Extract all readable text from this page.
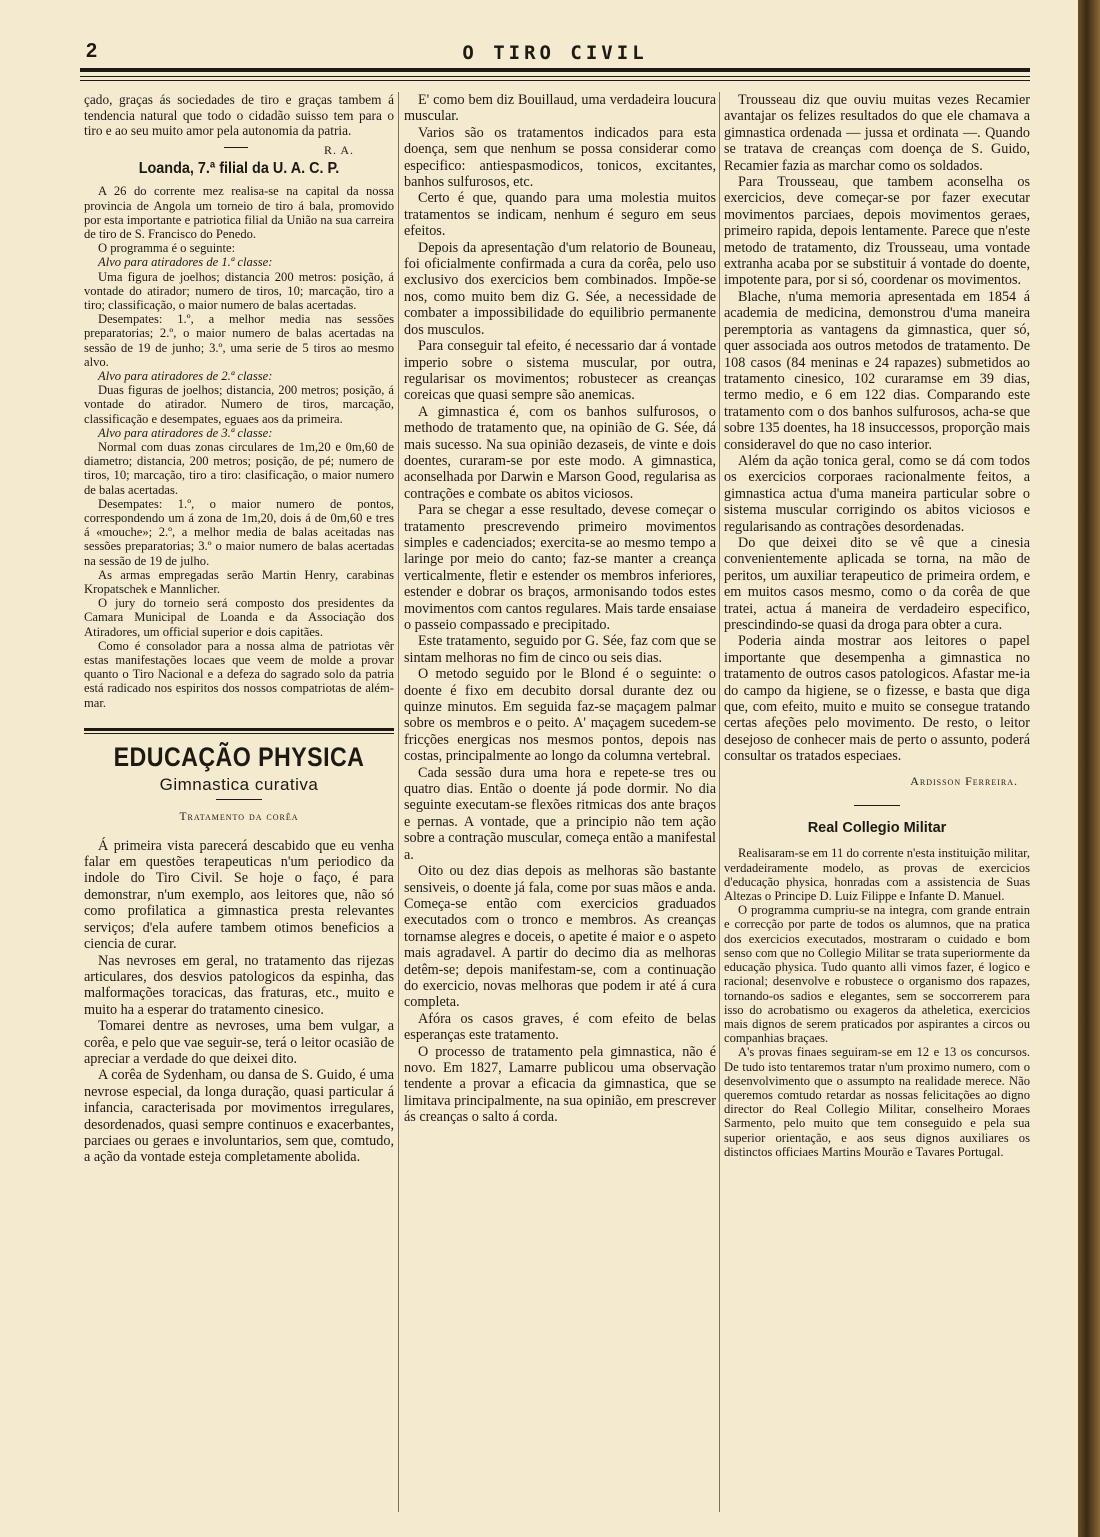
2	O TIRO CIVIL

çado, graças ás sociedades de tiro e graças tambem á tendencia natural que todo o cidadão suisso tem para o tiro e ao seu muito amor pela autonomia da patria.

R. A.
Loanda, 7.ª filial da U. A. C. P.

A 26 do corrente mez realisa-se na capital da nossa provincia de Angola um torneio de tiro á bala, promovido por esta importante e patriotica filial da União na sua carreira de tiro de S. Francisco do Penedo.

O programma é o seguinte:

Alvo para atiradores de 1.ª classe:

Uma figura de joelhos; distancia 200 metros: posição, á vontade do atirador; numero de tiros, 10; marcação, tiro a tiro; classificação, o maior numero de balas acertadas.

Desempates: 1.º, a melhor media nas sessões preparatorias; 2.º, o maior numero de balas acertadas na sessão de 19 de junho; 3.º, uma serie de 5 tiros ao mesmo alvo.

Alvo para atiradores de 2.ª classe:

Duas figuras de joelhos; distancia, 200 metros; posição, á vontade do atirador. Numero de tiros, marcação, classificação e desempates, eguaes aos da primeira.

Alvo para atiradores de 3.ª classe:

Normal com duas zonas circulares de 1m,20 e 0m,60 de diametro; distancia, 200 metros; posição, de pé; numero de tiros, 10; marcação, tiro a tiro: clasificação, o maior numero de balas acertadas.

Desempates: 1.º, o maior numero de pontos, correspondendo um á zona de 1m,20, dois á de 0m,60 e tres á «mouche»; 2.º, a melhor media de balas aceitadas nas sessões preparatorias; 3.º o maior numero de balas acertadas na sessão de 19 de julho.

As armas empregadas serão Martin Henry, carabinas Kropatschek e Mannlicher.

O jury do torneio será composto dos presidentes da Camara Municipal de Loanda e da Associação dos Atiradores, um official superior e dois capitães.

Como é consolador para a nossa alma de patriotas vêr estas manifestações locaes que veem de molde a provar quanto o Tiro Nacional e a defeza do sagrado solo da patria está radicado nos espiritos dos nossos compatriotas de além-mar.

EDUCAÇÃO PHYSICA
Gimnastica curativa
Tratamento da corêa

Á primeira vista parecerá descabido que eu venha falar em questões terapeuticas n'um periodico da indole do Tiro Civil. Se hoje o faço, é para demonstrar, n'um exemplo, aos leitores que, não só como profilatica a gimnastica presta relevantes serviços; d'ela aufere tambem otimos beneficios a ciencia de curar.

Nas nevroses em geral, no tratamento das rijezas articulares, dos desvios patologicos da espinha, das malformações toracicas, das fraturas, etc., muito e muito ha a esperar do tratamento cinesico.

Tomarei dentre as nevroses, uma bem vulgar, a corêa, e pelo que vae seguir-se, terá o leitor ocasião de apreciar a verdade do que deixei dito.

A corêa de Sydenham, ou dansa de S. Guido, é uma nevrose especial, da longa duração, quasi particular á infancia, caracterisada por movimentos irregulares, desordenados, quasi sempre continuos e exacerbantes, parciaes ou geraes e involuntarios, sem que, comtudo, a ação da vontade esteja completamente abolida.

E' como bem diz Bouillaud, uma verdadeira loucura muscular.

Varios são os tratamentos indicados para esta doença, sem que nenhum se possa considerar como especifico: antiespasmodicos, tonicos, excitantes, banhos sulfurosos, etc.

Certo é que, quando para uma molestia muitos tratamentos se indicam, nenhum é seguro em seus efeitos.

Depois da apresentação d'um relatorio de Bouneau, foi oficialmente confirmada a cura da corêa, pelo uso exclusivo dos exercicios bem combinados. Impõe-se nos, como muito bem diz G. Sée, a necessidade de combater a impossibilidade do equilibrio permanente dos musculos.

Para conseguir tal efeito, é necessario dar á vontade imperio sobre o sistema muscular, por outra, regularisar os movimentos; robustecer as creanças coreicas que quasi sempre são anemicas.

A gimnastica é, com os banhos sulfurosos, o methodo de tratamento que, na opinião de G. Sée, dá mais sucesso. Na sua opinião dezaseis, de vinte e dois doentes, curaram-se por este modo. A gimnastica, aconselhada por Darwin e Marson Good, regularisa as contrações e combate os abitos viciosos.

Para se chegar a esse resultado, devese começar o tratamento prescrevendo primeiro movimentos simples e cadenciados; exercita-se ao mesmo tempo a laringe por meio do canto; faz-se manter a creança verticalmente, fletir e estender os membros inferiores, estender e dobrar os braços, armonisando todos estes movimentos com cantos regulares. Mais tarde ensaiase o passeio compassado e precipitado.

Este tratamento, seguido por G. Sée, faz com que se sintam melhoras no fim de cinco ou seis dias.

O metodo seguido por le Blond é o seguinte: o doente é fixo em decubito dorsal durante dez ou quinze minutos. Em seguida faz-se maçagem palmar sobre os membros e o peito. A' maçagem sucedem-se fricções energicas nos mesmos pontos, depois nas costas, principalmente ao longo da columna vertebral.

Cada sessão dura uma hora e repete-se tres ou quatro dias. Então o doente já pode dormir. No dia seguinte executam-se flexões ritmicas dos ante braços e pernas. A vontade, que a principio não tem ação sobre a contração muscular, começa então a manifestal a.

Oito ou dez dias depois as melhoras são bastante sensiveis, o doente já fala, come por suas mãos e anda. Começa-se então com exercicios graduados executados com o tronco e membros. As creanças tornamse alegres e doceis, o apetite é maior e o aspeto mais agradavel. A partir do decimo dia as melhoras detêm-se; depois manifestam-se, com a continuação do exercicio, novas melhoras que podem ir até á cura completa.

Afóra os casos graves, é com efeito de belas esperanças este tratamento.

O processo de tratamento pela gimnastica, não é novo. Em 1827, Lamarre publicou uma observação tendente a provar a eficacia da gimnastica, que se limitava principalmente, na sua opinião, em prescrever ás creanças o salto á corda.

Trousseau diz que ouviu muitas vezes Recamier avantajar os felizes resultados do que ele chamava a gimnastica ordenada — jussa et ordinata —. Quando se tratava de creanças com doença de S. Guido, Recamier fazia as marchar como os soldados.

Para Trousseau, que tambem aconselha os exercicios, deve começar-se por fazer executar movimentos parciaes, depois movimentos geraes, primeiro rapida, depois lentamente. Parece que n'este metodo de tratamento, diz Trousseau, uma vontade extranha acaba por se substituir á vontade do doente, impotente para, por si só, coordenar os movimentos.

Blache, n'uma memoria apresentada em 1854 á academia de medicina, demonstrou d'uma maneira peremptoria as vantagens da gimnastica, quer só, quer associada aos outros metodos de tratamento. De 108 casos (84 meninas e 24 rapazes) submetidos ao tratamento cinesico, 102 curaramse em 39 dias, termo medio, e 6 em 122 dias. Comparando este tratamento com o dos banhos sulfurosos, acha-se que sobre 135 doentes, ha 18 insuccessos, proporção mais consideravel do que no caso interior.

Além da ação tonica geral, como se dá com todos os exercicios corporaes racionalmente feitos, a gimnastica actua d'uma maneira particular sobre o sistema muscular corrigindo os abitos viciosos e regularisando as contrações desordenadas.

Do que deixei dito se vê que a cinesia convenientemente aplicada se torna, na mão de peritos, um auxiliar terapeutico de primeira ordem, e em muitos casos mesmo, como o da corêa de que tratei, actua á maneira de verdadeiro especifico, prescindindo-se quasi da droga para obter a cura.

Poderia ainda mostrar aos leitores o papel importante que desempenha a gimnastica no tratamento de outros casos patologicos. Afastar me-ia do campo da higiene, se o fizesse, e basta que diga que, com efeito, muito e muito se consegue tratando certas afeções pelo movimento. De resto, o leitor desejoso de conhecer mais de perto o assunto, poderá consultar os tratados especiaes.

Ardisson Ferreira.
Real Collegio Militar

Realisaram-se em 11 do corrente n'esta instituição militar, verdadeiramente modelo, as provas de exercicios d'educação physica, honradas com a assistencia de Suas Altezas o Principe D. Luiz Filippe e Infante D. Manuel.

O programma cumpriu-se na integra, com grande entrain e correcção por parte de todos os alumnos, que na pratica dos exercicios executados, mostraram o cuidado e bom senso com que no Collegio Militar se trata superiormente da educação physica. Tudo quanto alli vimos fazer, é logico e racional; desenvolve e robustece o organismo dos rapazes, tornando-os sadios e elegantes, sem se soccorrerem para isso do acrobatismo ou exageros da atheletica, exercicios mais dignos de serem praticados por aspirantes a circos ou companhias braçaes.

A's provas finaes seguiram-se em 12 e 13 os concursos. De tudo isto tentaremos tratar n'um proximo numero, com o desenvolvimento que o assumpto na realidade merece. Não queremos comtudo retardar as nossas felicitações ao digno director do Real Collegio Militar, conselheiro Moraes Sarmento, pelo muito que tem conseguido e pela sua superior orientação, e aos seus dignos auxiliares os distinctos officiaes Martins Mourão e Tavares Portugal.
